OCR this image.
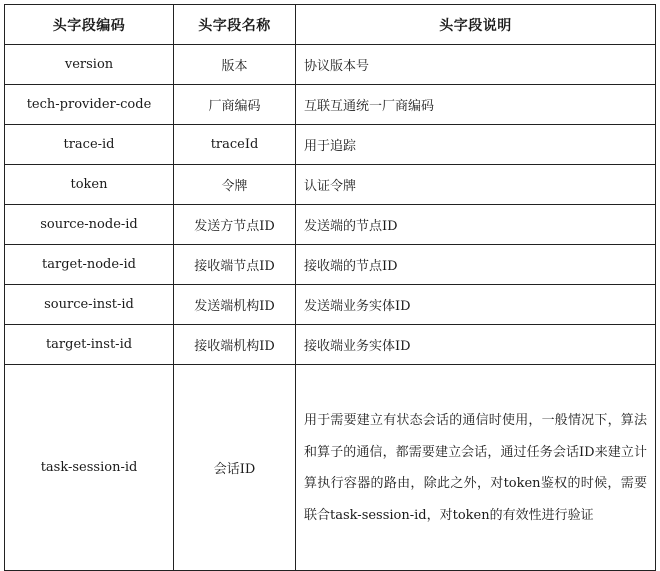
头字段编码	头字段名称	头字段说明
version	版本	协议版本号
tech-provider-code	厂商编码	互联互通统一厂商编码
trace-id	traceId	用于追踪
token	令牌	认证令牌
source-node-id	发送方节点ID	发送端的节点ID
target-node-id	接收端节点ID	接收端的节点ID
source-inst-id	发送端机构ID	发送端业务实体ID
target-inst-id	接收端机构ID	接收端业务实体ID
task-session-id	会话ID	用于需要建立有状态会话的通信时使用，一般情况下，算法和算子的通信，都需要建立会话，通过任务会话ID来建立计算执行容器的路由，除此之外，对token鉴权的时候，需要联合task-session-id，对token的有效性进行验证
